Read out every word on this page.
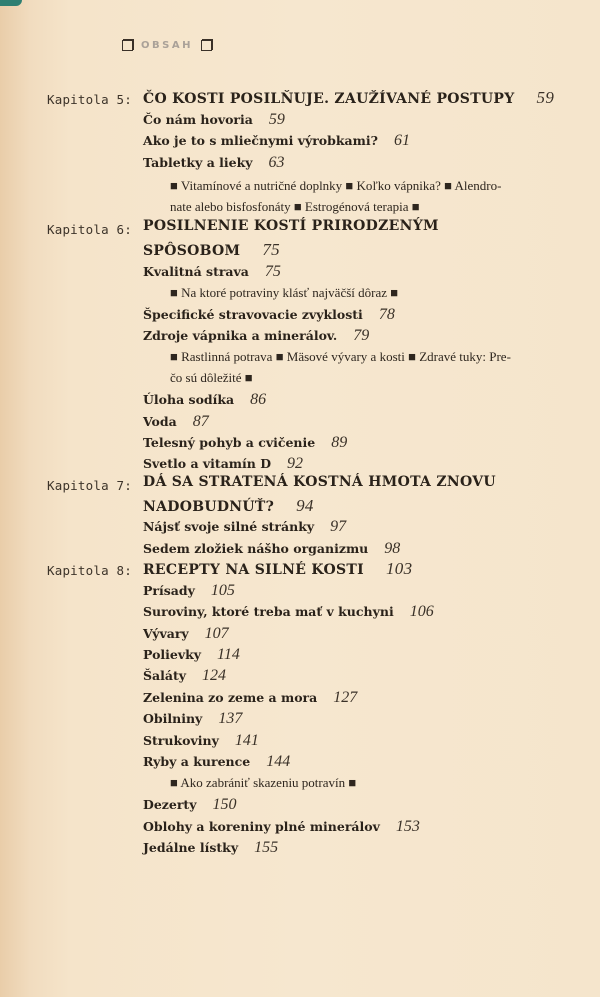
OBSAH
Kapitola 5: ČO KOSTI POSILŇUJE. ZAUŽÍVANÉ POSTUPY 59
Čo nám hovoria 59
Ako je to s mliečnymi výrobkami? 61
Tabletky a lieky 63
■ Vitamínové a nutričné doplnky ■ Koľko vápnika? ■ Alendro-
nate alebo bisfosfonáty ■ Estrogénová terapia ■
Kapitola 6: POSILNENIE KOSTÍ PRIRODZENÝM
SPÔSOBOM 75
Kvalitná strava 75
■ Na ktoré potraviny klásť najväčší dôraz ■
Špecifické stravovacie zvyklosti 78
Zdroje vápnika a minerálov. 79
■ Rastlinná potrava ■ Mäsové vývary a kosti ■ Zdravé tuky: Pre-
čo sú dôležité ■
Úloha sodíka 86
Voda 87
Telesný pohyb a cvičenie 89
Svetlo a vitamín D 92
Kapitola 7: DÁ SA STRATENÁ KOSTNÁ HMOTA ZNOVU
NADOBUDNÚŤ? 94
Nájsť svoje silné stránky 97
Sedem zložiek nášho organizmu 98
Kapitola 8: RECEPTY NA SILNÉ KOSTI 103
Prísady 105
Suroviny, ktoré treba mať v kuchyni 106
Vývary 107
Polievky 114
Šaláty 124
Zelenina zo zeme a mora 127
Obilniny 137
Strukoviny 141
Ryby a kurence 144
■ Ako zabrániť skazeniu potravín ■
Dezerty 150
Oblohy a koreniny plné minerálov 153
Jedálne lístky 155
